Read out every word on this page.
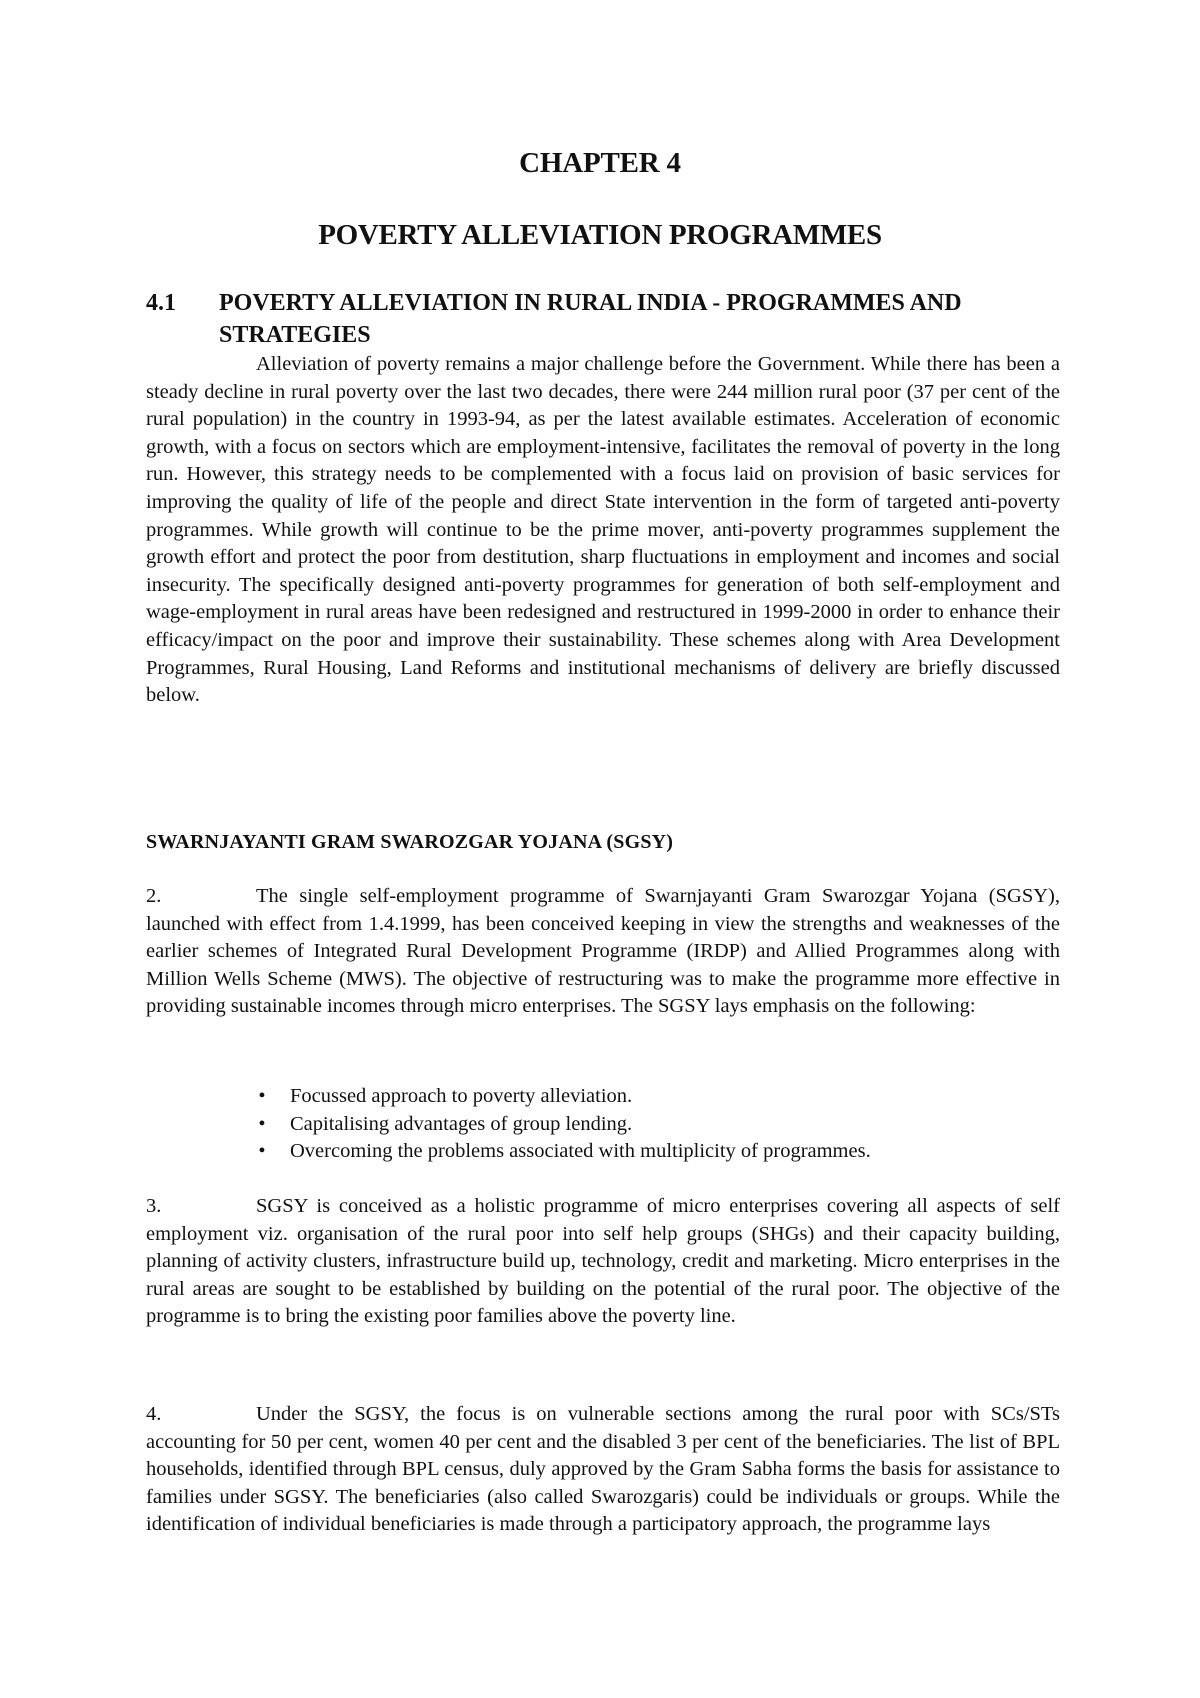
CHAPTER 4
POVERTY ALLEVIATION PROGRAMMES
4.1 POVERTY ALLEVIATION IN RURAL INDIA - PROGRAMMES AND STRATEGIES

Alleviation of poverty remains a major challenge before the Government. While there has been a steady decline in rural poverty over the last two decades, there were 244 million rural poor (37 per cent of the rural population) in the country in 1993-94, as per the latest available estimates. Acceleration of economic growth, with a focus on sectors which are employment-intensive, facilitates the removal of poverty in the long run. However, this strategy needs to be complemented with a focus laid on provision of basic services for improving the quality of life of the people and direct State intervention in the form of targeted anti-poverty programmes. While growth will continue to be the prime mover, anti-poverty programmes supplement the growth effort and protect the poor from destitution, sharp fluctuations in employment and incomes and social insecurity. The specifically designed anti-poverty programmes for generation of both self-employment and wage-employment in rural areas have been redesigned and restructured in 1999-2000 in order to enhance their efficacy/impact on the poor and improve their sustainability. These schemes along with Area Development Programmes, Rural Housing, Land Reforms and institutional mechanisms of delivery are briefly discussed below.

SWARNJAYANTI GRAM SWAROZGAR YOJANA (SGSY)

2.	The single self-employment programme of Swarnjayanti Gram Swarozgar Yojana (SGSY), launched with effect from 1.4.1999, has been conceived keeping in view the strengths and weaknesses of the earlier schemes of Integrated Rural Development Programme (IRDP) and Allied Programmes along with Million Wells Scheme (MWS). The objective of restructuring was to make the programme more effective in providing sustainable incomes through micro enterprises. The SGSY lays emphasis on the following:

•	Focussed approach to poverty alleviation.
•	Capitalising advantages of group lending.
•	Overcoming the problems associated with multiplicity of programmes.

3.	SGSY is conceived as a holistic programme of micro enterprises covering all aspects of self employment viz. organisation of the rural poor into self help groups (SHGs) and their capacity building, planning of activity clusters, infrastructure build up, technology, credit and marketing. Micro enterprises in the rural areas are sought to be established by building on the potential of the rural poor. The objective of the programme is to bring the existing poor families above the poverty line.

4.	Under the SGSY, the focus is on vulnerable sections among the rural poor with SCs/STs accounting for 50 per cent, women 40 per cent and the disabled 3 per cent of the beneficiaries. The list of BPL households, identified through BPL census, duly approved by the Gram Sabha forms the basis for assistance to families under SGSY. The beneficiaries (also called Swarozgaris) could be individuals or groups. While the identification of individual beneficiaries is made through a participatory approach, the programme lays
